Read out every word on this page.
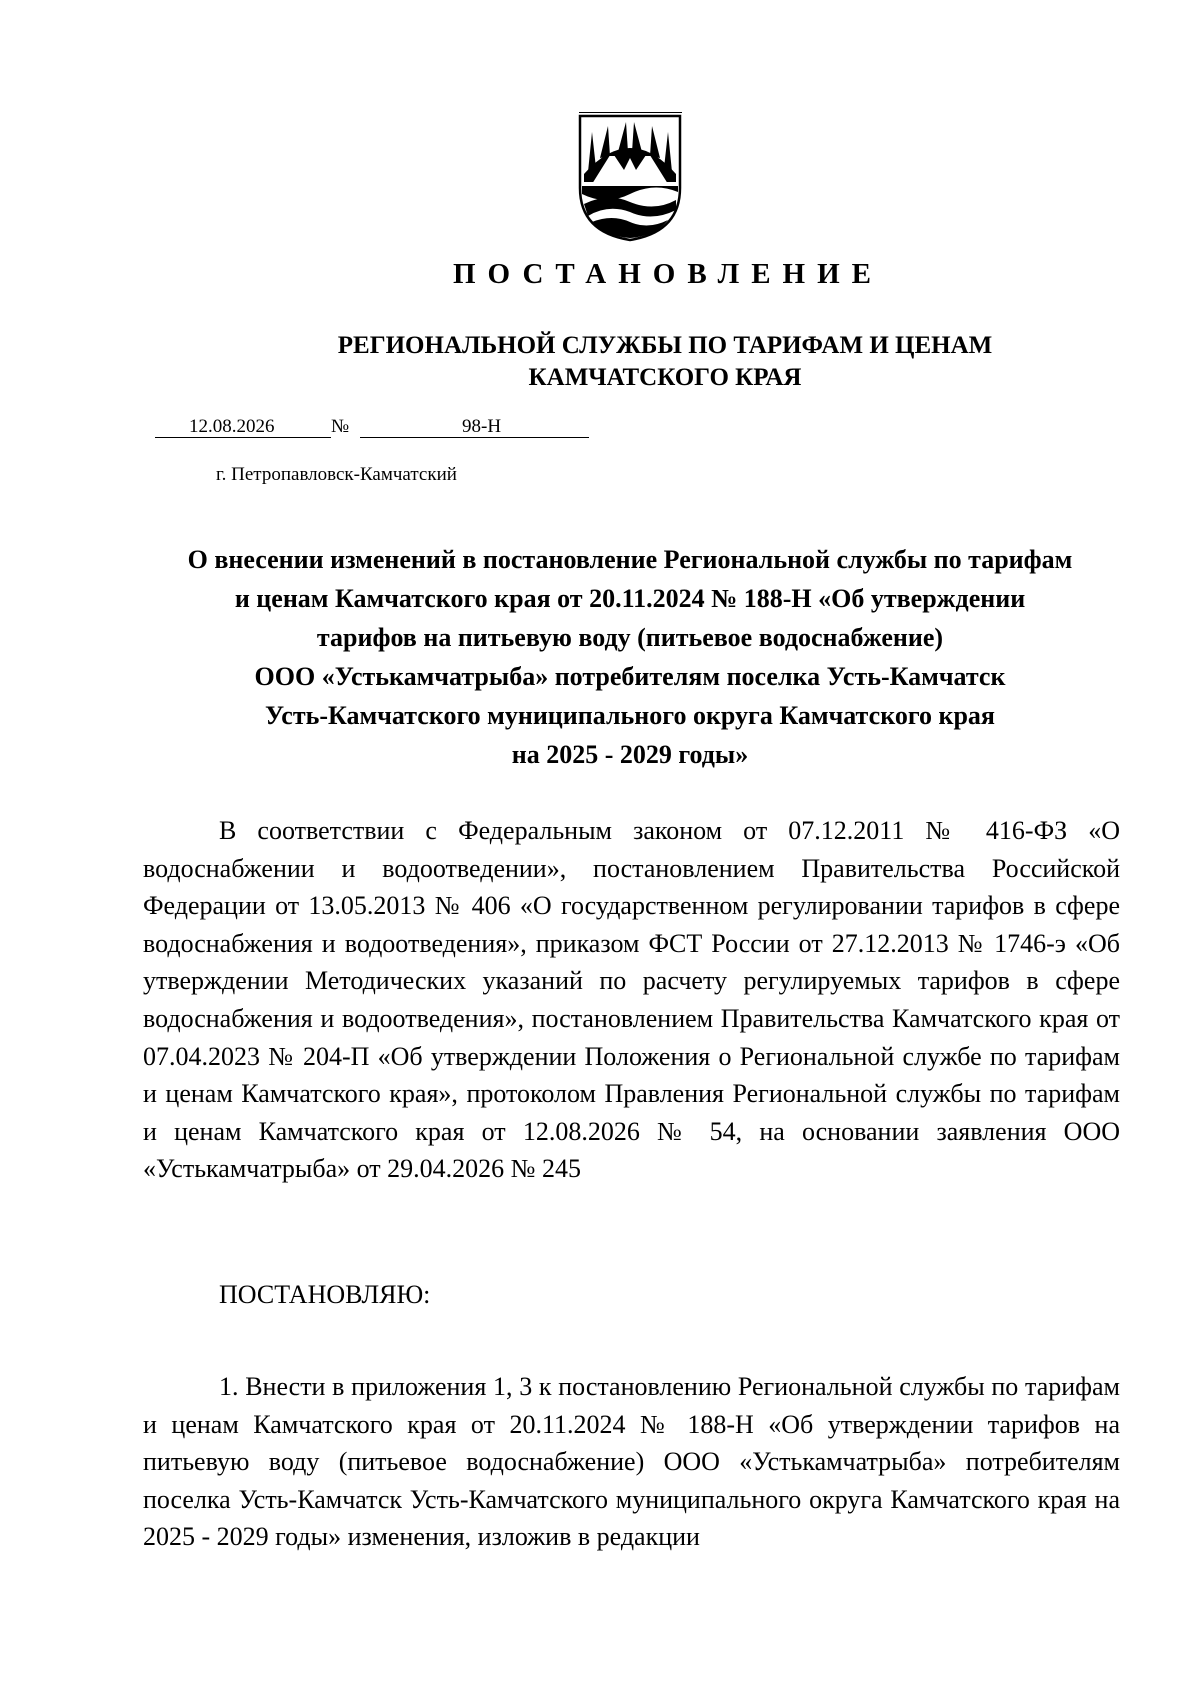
ПОСТАНОВЛЕНИЕ
РЕГИОНАЛЬНОЙ СЛУЖБЫ ПО ТАРИФАМ И ЦЕНАМ
КАМЧАТСКОГО КРАЯ
12.08.2026	№	98-Н
г. Петропавловск-Камчатский
О внесении изменений в постановление Региональной службы по тарифам
и ценам Камчатского края от 20.11.2024 № 188-Н «Об утверждении
тарифов на питьевую воду (питьевое водоснабжение)
ООО «Устькамчатрыба» потребителям поселка Усть-Камчатск
Усть-Камчатского муниципального округа Камчатского края
на 2025 - 2029 годы»

В соответствии с Федеральным законом от 07.12.2011 № 416-ФЗ «О водоснабжении и водоотведении», постановлением Правительства Российской Федерации от 13.05.2013 № 406 «О государственном регулировании тарифов в сфере водоснабжения и водоотведения», приказом ФСТ России от 27.12.2013 № 1746-э «Об утверждении Методических указаний по расчету регулируемых тарифов в сфере водоснабжения и водоотведения», постановлением Правительства Камчатского края от 07.04.2023 № 204-П «Об утверждении Положения о Региональной службе по тарифам и ценам Камчатского края», протоколом Правления Региональной службы по тарифам и ценам Камчатского края от 12.08.2026 № 54, на основании заявления ООО «Устькамчатрыба» от 29.04.2026 № 245

ПОСТАНОВЛЯЮ:

1. Внести в приложения 1, 3 к постановлению Региональной службы по тарифам и ценам Камчатского края от 20.11.2024 № 188-Н «Об утверждении тарифов на питьевую воду (питьевое водоснабжение) ООО «Устькамчатрыба» потребителям поселка Усть-Камчатск Усть-Камчатского муниципального округа Камчатского края на 2025 - 2029 годы» изменения, изложив в редакции
